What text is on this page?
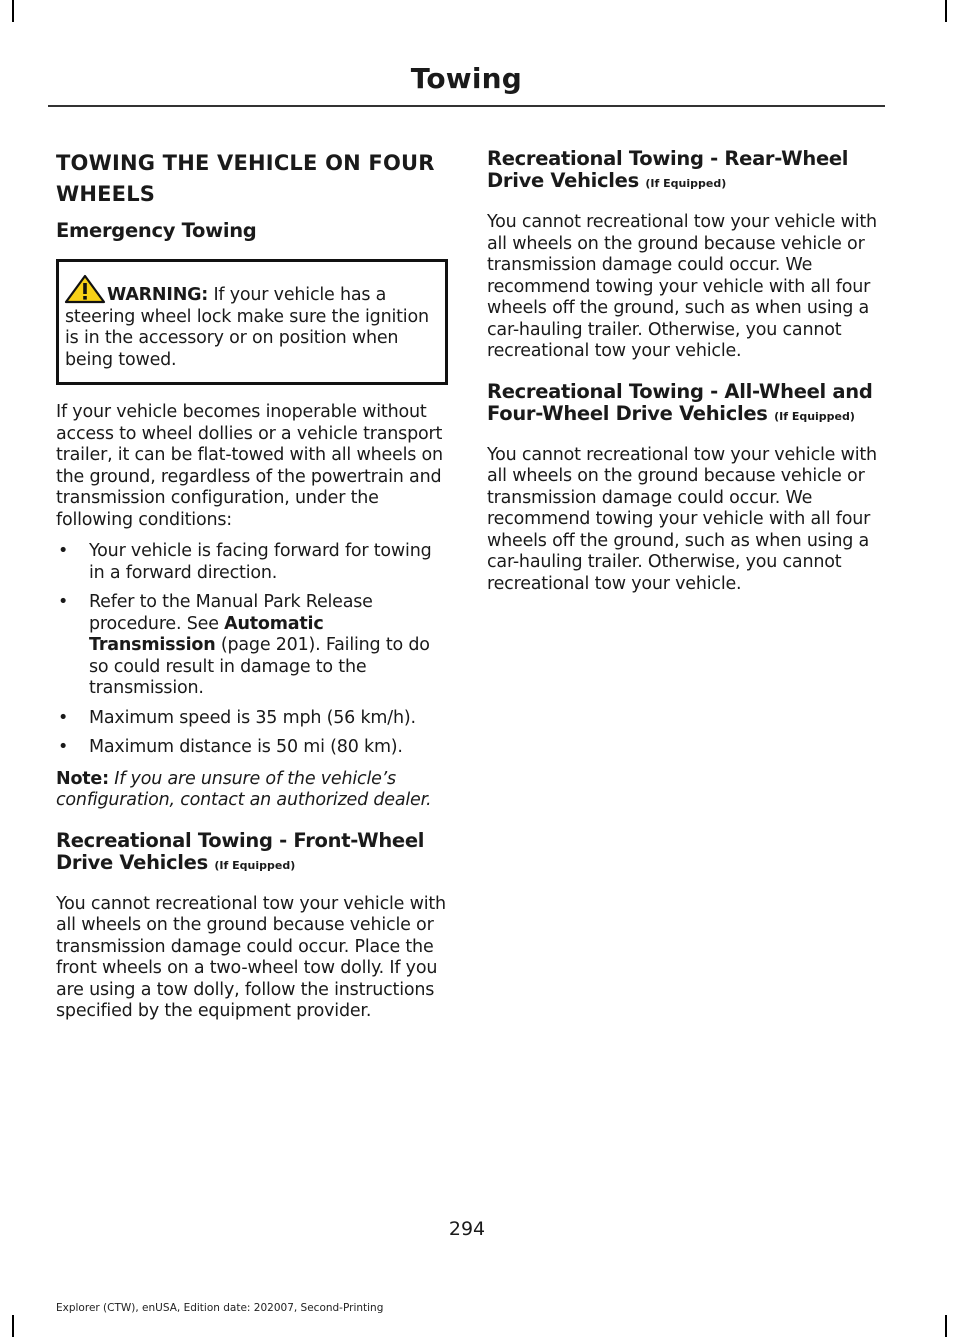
Towing
TOWING THE VEHICLE ON FOUR WHEELS
Emergency Towing

WARNING: If your vehicle has a steering wheel lock make sure the ignition is in the accessory or on position when being towed.

If your vehicle becomes inoperable without access to wheel dollies or a vehicle transport trailer, it can be flat-towed with all wheels on the ground, regardless of the powertrain and transmission configuration, under the following conditions:

• Your vehicle is facing forward for towing in a forward direction.
• Refer to the Manual Park Release procedure. See Automatic Transmission (page 201). Failing to do so could result in damage to the transmission.
• Maximum speed is 35 mph (56 km/h).
• Maximum distance is 50 mi (80 km).

Note: If you are unsure of the vehicle’s configuration, contact an authorized dealer.

Recreational Towing - Front-Wheel Drive Vehicles (If Equipped)

You cannot recreational tow your vehicle with all wheels on the ground because vehicle or transmission damage could occur. Place the front wheels on a two-wheel tow dolly. If you are using a tow dolly, follow the instructions specified by the equipment provider.

Recreational Towing - Rear-Wheel Drive Vehicles (If Equipped)

You cannot recreational tow your vehicle with all wheels on the ground because vehicle or transmission damage could occur. We recommend towing your vehicle with all four wheels off the ground, such as when using a car-hauling trailer. Otherwise, you cannot recreational tow your vehicle.

Recreational Towing - All-Wheel and Four-Wheel Drive Vehicles (If Equipped)

You cannot recreational tow your vehicle with all wheels on the ground because vehicle or transmission damage could occur. We recommend towing your vehicle with all four wheels off the ground, such as when using a car-hauling trailer. Otherwise, you cannot recreational tow your vehicle.

294
Explorer (CTW), enUSA, Edition date: 202007, Second-Printing
